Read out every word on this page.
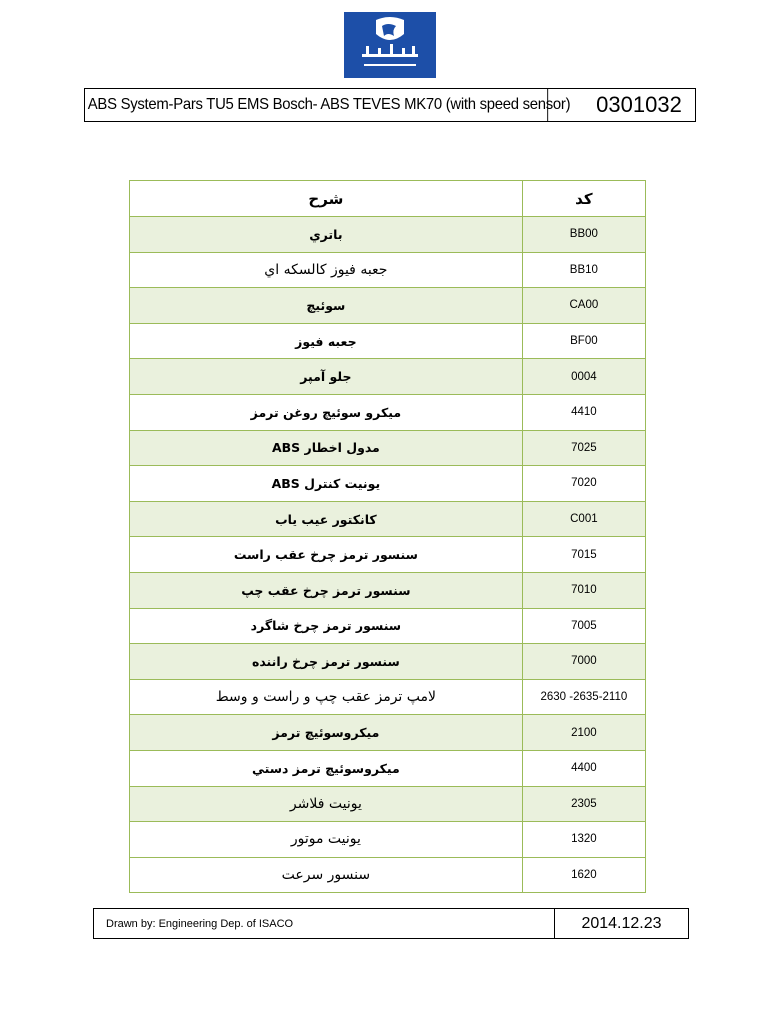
ABS System-Pars TU5 EMS Bosch- ABS TEVES MK70 (with speed sensor)	0301032
شرح	کد
باتري	BB00
جعبه فيوز كالسكه اي	BB10
سوئيچ	CA00
جعبه فيوز	BF00
جلو آمپر	0004
ميكرو سوئيچ روغن ترمز	4410
مدول اخطار ABS	7025
يونيت كنترل ABS	7020
كانكتور عيب ياب	C001
سنسور ترمز چرخ عقب راست	7015
سنسور ترمز چرخ عقب چپ	7010
سنسور ترمز چرخ شاگرد	7005
سنسور ترمز چرخ راننده	7000
لامپ ترمز عقب چپ و راست و وسط	2630 -2635-2110
ميكروسوئيچ ترمز	2100
ميكروسوئيچ ترمز دستي	4400
یونیت فلاشر	2305
یونیت موتور	1320
سنسور سرعت	1620
Drawn by: Engineering Dep. of ISACO	2014.12.23
